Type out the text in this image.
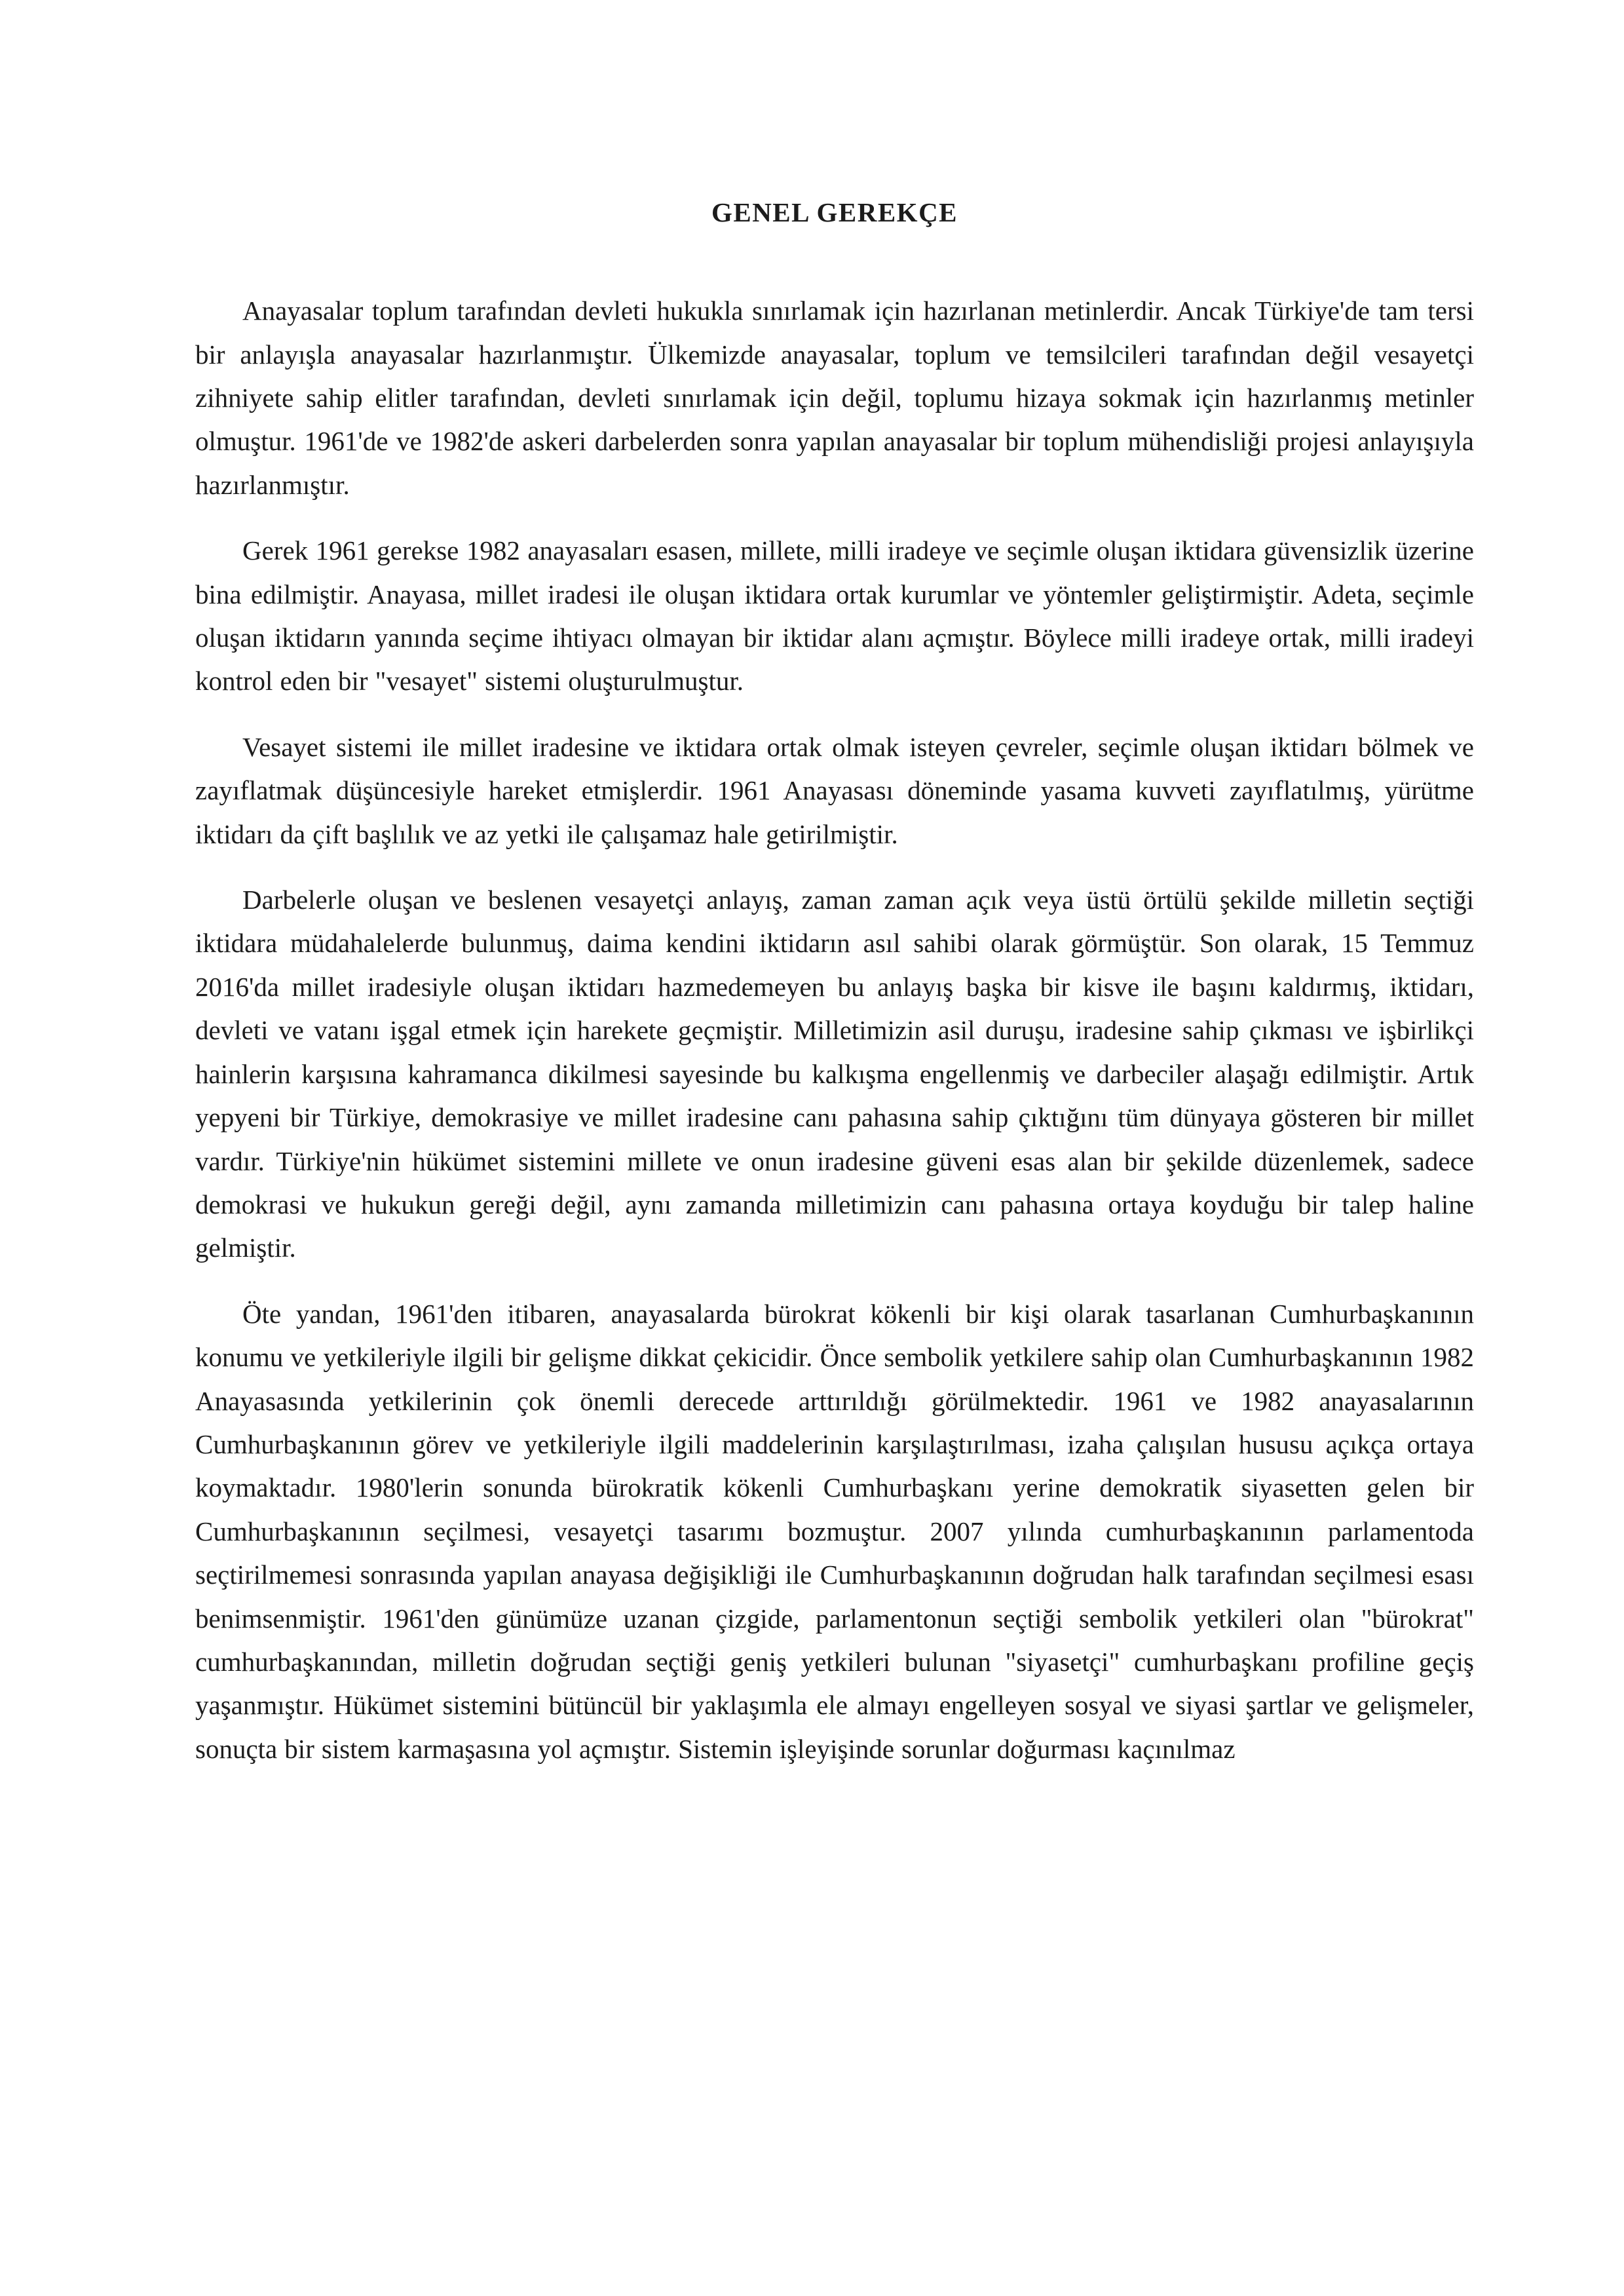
GENEL GEREKÇE

Anayasalar toplum tarafından devleti hukukla sınırlamak için hazırlanan metinlerdir. Ancak Türkiye'de tam tersi bir anlayışla anayasalar hazırlanmıştır. Ülkemizde anayasalar, toplum ve temsilcileri tarafından değil vesayetçi zihniyete sahip elitler tarafından, devleti sınırlamak için değil, toplumu hizaya sokmak için hazırlanmış metinler olmuştur. 1961'de ve 1982'de askeri darbelerden sonra yapılan anayasalar bir toplum mühendisliği projesi anlayışıyla hazırlanmıştır.

Gerek 1961 gerekse 1982 anayasaları esasen, millete, milli iradeye ve seçimle oluşan iktidara güvensizlik üzerine bina edilmiştir. Anayasa, millet iradesi ile oluşan iktidara ortak kurumlar ve yöntemler geliştirmiştir. Adeta, seçimle oluşan iktidarın yanında seçime ihtiyacı olmayan bir iktidar alanı açmıştır. Böylece milli iradeye ortak, milli iradeyi kontrol eden bir "vesayet" sistemi oluşturulmuştur.

Vesayet sistemi ile millet iradesine ve iktidara ortak olmak isteyen çevreler, seçimle oluşan iktidarı bölmek ve zayıflatmak düşüncesiyle hareket etmişlerdir. 1961 Anayasası döneminde yasama kuvveti zayıflatılmış, yürütme iktidarı da çift başlılık ve az yetki ile çalışamaz hale getirilmiştir.

Darbelerle oluşan ve beslenen vesayetçi anlayış, zaman zaman açık veya üstü örtülü şekilde milletin seçtiği iktidara müdahalelerde bulunmuş, daima kendini iktidarın asıl sahibi olarak görmüştür. Son olarak, 15 Temmuz 2016'da millet iradesiyle oluşan iktidarı hazmedemeyen bu anlayış başka bir kisve ile başını kaldırmış, iktidarı, devleti ve vatanı işgal etmek için harekete geçmiştir. Milletimizin asil duruşu, iradesine sahip çıkması ve işbirlikçi hainlerin karşısına kahramanca dikilmesi sayesinde bu kalkışma engellenmiş ve darbeciler alaşağı edilmiştir. Artık yepyeni bir Türkiye, demokrasiye ve millet iradesine canı pahasına sahip çıktığını tüm dünyaya gösteren bir millet vardır. Türkiye'nin hükümet sistemini millete ve onun iradesine güveni esas alan bir şekilde düzenlemek, sadece demokrasi ve hukukun gereği değil, aynı zamanda milletimizin canı pahasına ortaya koyduğu bir talep haline gelmiştir.

Öte yandan, 1961'den itibaren, anayasalarda bürokrat kökenli bir kişi olarak tasarlanan Cumhurbaşkanının konumu ve yetkileriyle ilgili bir gelişme dikkat çekicidir. Önce sembolik yetkilere sahip olan Cumhurbaşkanının 1982 Anayasasında yetkilerinin çok önemli derecede arttırıldığı görülmektedir. 1961 ve 1982 anayasalarının Cumhurbaşkanının görev ve yetkileriyle ilgili maddelerinin karşılaştırılması, izaha çalışılan hususu açıkça ortaya koymaktadır. 1980'lerin sonunda bürokratik kökenli Cumhurbaşkanı yerine demokratik siyasetten gelen bir Cumhurbaşkanının seçilmesi, vesayetçi tasarımı bozmuştur. 2007 yılında cumhurbaşkanının parlamentoda seçtirilmemesi sonrasında yapılan anayasa değişikliği ile Cumhurbaşkanının doğrudan halk tarafından seçilmesi esası benimsenmiştir. 1961'den günümüze uzanan çizgide, parlamentonun seçtiği sembolik yetkileri olan "bürokrat" cumhurbaşkanından, milletin doğrudan seçtiği geniş yetkileri bulunan "siyasetçi" cumhurbaşkanı profiline geçiş yaşanmıştır. Hükümet sistemini bütüncül bir yaklaşımla ele almayı engelleyen sosyal ve siyasi şartlar ve gelişmeler, sonuçta bir sistem karmaşasına yol açmıştır. Sistemin işleyişinde sorunlar doğurması kaçınılmaz
